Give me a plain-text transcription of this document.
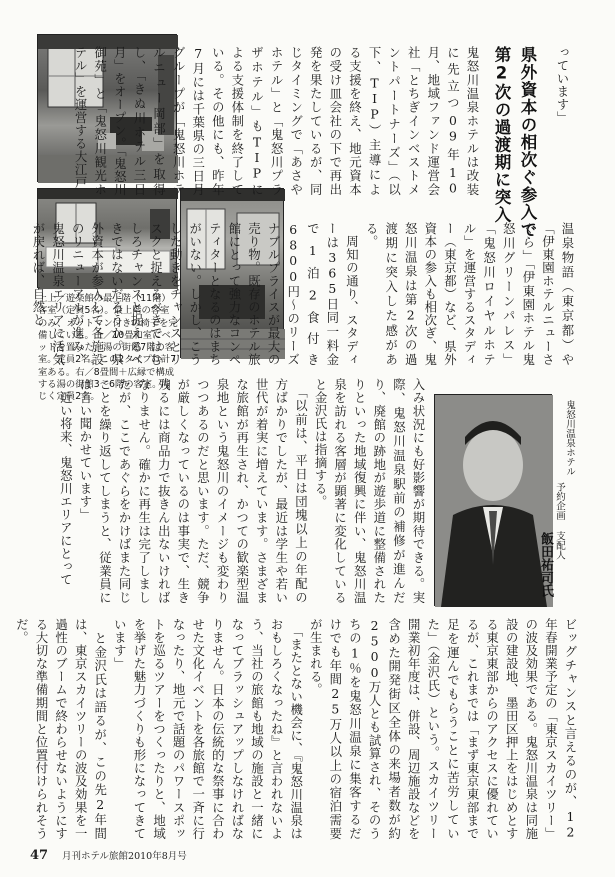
上上／遊楽館の最上階（11階）客室（定員5名）。最上階の客室のみ、オットマン付きの椅子を完備している。上／10畳和室にベッドを置いた、湯の街館7階の客室。定員2名。この2タイプは計7室ある。右／8畳間＋広縁で構成する湯の街館3〜6階の客室。同じく定員2名。
っています」
県外資本の相次ぐ参入で
第2次の過渡期に突入
鬼怒川温泉ホテルは改装に先立つ09年10月、地域ファンド運営会社「とちぎインベストメントパートナーズ」（以下、TIP）主導による支援を終え、地元資本の受け皿会社の下で再出発を果たしているが、同じタイミングで「あさやホテル」と「鬼怒川プラザホテル」もTIPによる支援体制を終了している。その他にも、昨年7月には千葉県の三日月グループが「鬼怒川ホテルニュー岡部」を取得し、「きぬ川ホテル三日月」をオープン。「鬼怒川御苑」と「鬼怒川観光ホテル」を運営する大江戸
温泉物語（東京都）や「伊東園ホテルニューさくら」「伊東園ホテル鬼怒川グリーンパレス」「鬼怒川ロイヤルホテル」を運営するスタディー（東京都）など、県外資本の参入も相次ぎ、鬼怒川温泉は第2次の過渡期に突入した感がある。
　周知の通り、スタディーは365日同一料金で1泊2食付き6800円〜のリーズナブルプライスが最大の売り物。既存のホテル旅館にとって強力なコンペティターとなるのはまちがいない。しかし、こうした動きをチャンスとリスクと捉えるべきではむしろチャンスと捉えるべきではないだろうか。県外資本が参入して各施設のリニューアルが進み、鬼怒川温泉エリアに活気が戻れば、自然と
鬼怒川温泉ホテル
予約企画 支配人
飯田祐司氏
入み状況にも好影響が期待できる。実際、鬼怒川温泉駅前の補修が進んだり、廃館の跡地が遊歩道に整備されたりといった地域復興に伴い、鬼怒川温泉を訪れる客層が顕著に変化していると金沢氏は指摘する。
　「以前は、平日は団塊以上の年配の方ばかりでしたが、最近は学生や若い世代が着実に増えています。さまざまな旅館が再生され、かつての歓楽型温泉地という鬼怒川のイメージも変わりつつあるのだと思います。ただ、競争が厳しくなっているのは事実で、生き残るには商品力で抜きん出ないければなりません。確かに再生は完了しましたが、ここであぐらをかけばまた同じことを繰り返してしまうと、従業員には言い聞かせています」
　近い将来、鬼怒川エリアにとって
ビッグチャンスと言えるのが、12年春開業予定の「東京スカイツリー」の波及効果である。鬼怒川温泉は同施設の建設地、墨田区押上をはじめとする東京東部からのアクセスに優れているが、これまでは「まず東京東部まで足を運んでもらうことに苦労していた」（金沢氏）という。スカイツリー開業初年度は、併設、周辺施設などを含めた開発街区全体の来場者数が約2500万人とも試算され、そのうちの1％を鬼怒川温泉に集客するだけでも年間25万人以上の宿泊需要が生まれる。
　「またとない機会に、『鬼怒川温泉はおもしろくなったね』と言われないよう、当社の旅館も地域の施設と一緒になってブラッシュアップしなければなりません。日本の伝統的な祭事に合わせた文化イベントを各旅館で一斉に行なったり、地元で話題のパワースポットを巡るツアーをつくったりと、地域を挙げた魅力づくりも形になってきています」
　と金沢氏は語るが、この先2年間は、東京スカイツリーの波及効果を一過性のブームで終わらせないようにする大切な準備期間と位置付けられそうだ。
47 月刊ホテル旅館2010年8月号
